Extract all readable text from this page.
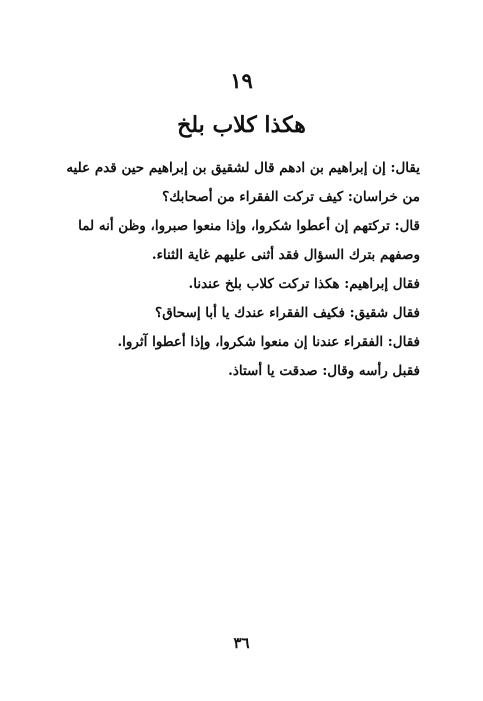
١٩
هكذا كلاب بلخ

يقال: إن إبراهيم بن ادهم قال لشقيق بن إبراهيم حين قدم عليه من خراسان: كيف تركت الفقراء من أصحابك؟

قال: تركتهم إن أعطوا شكروا، وإذا منعوا صبروا، وظن أنه لما وصفهم بترك السؤال فقد أثنى عليهم غاية الثناء.

فقال إبراهيم: هكذا تركت كلاب بلخ عندنا.

فقال شقيق: فكيف الفقراء عندك يا أبا إسحاق؟

فقال: الفقراء عندنا إن منعوا شكروا، وإذا أعطوا آثروا.

فقبل رأسه وقال: صدقت يا أستاذ.

٣٦
